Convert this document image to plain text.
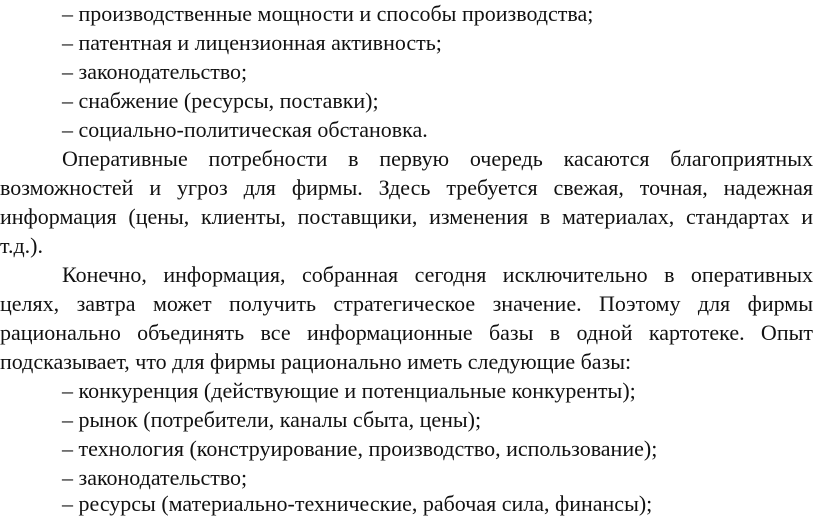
– производственные мощности и способы производства;
– патентная и лицензионная активность;
– законодательство;
– снабжение (ресурсы, поставки);
– социально-политическая обстановка.
Оперативные потребности в первую очередь касаются благоприятных
возможностей и угроз для фирмы. Здесь требуется свежая, точная, надежная
информация (цены, клиенты, поставщики, изменения в материалах, стандартах и
т.д.).
Конечно, информация, собранная сегодня исключительно в оперативных
целях, завтра может получить стратегическое значение. Поэтому для фирмы
рационально объединять все информационные базы в одной картотеке. Опыт
подсказывает, что для фирмы рационально иметь следующие базы:
– конкуренция (действующие и потенциальные конкуренты);
– рынок (потребители, каналы сбыта, цены);
– технология (конструирование, производство, использование);
– законодательство;
– ресурсы (материально-технические, рабочая сила, финансы);
